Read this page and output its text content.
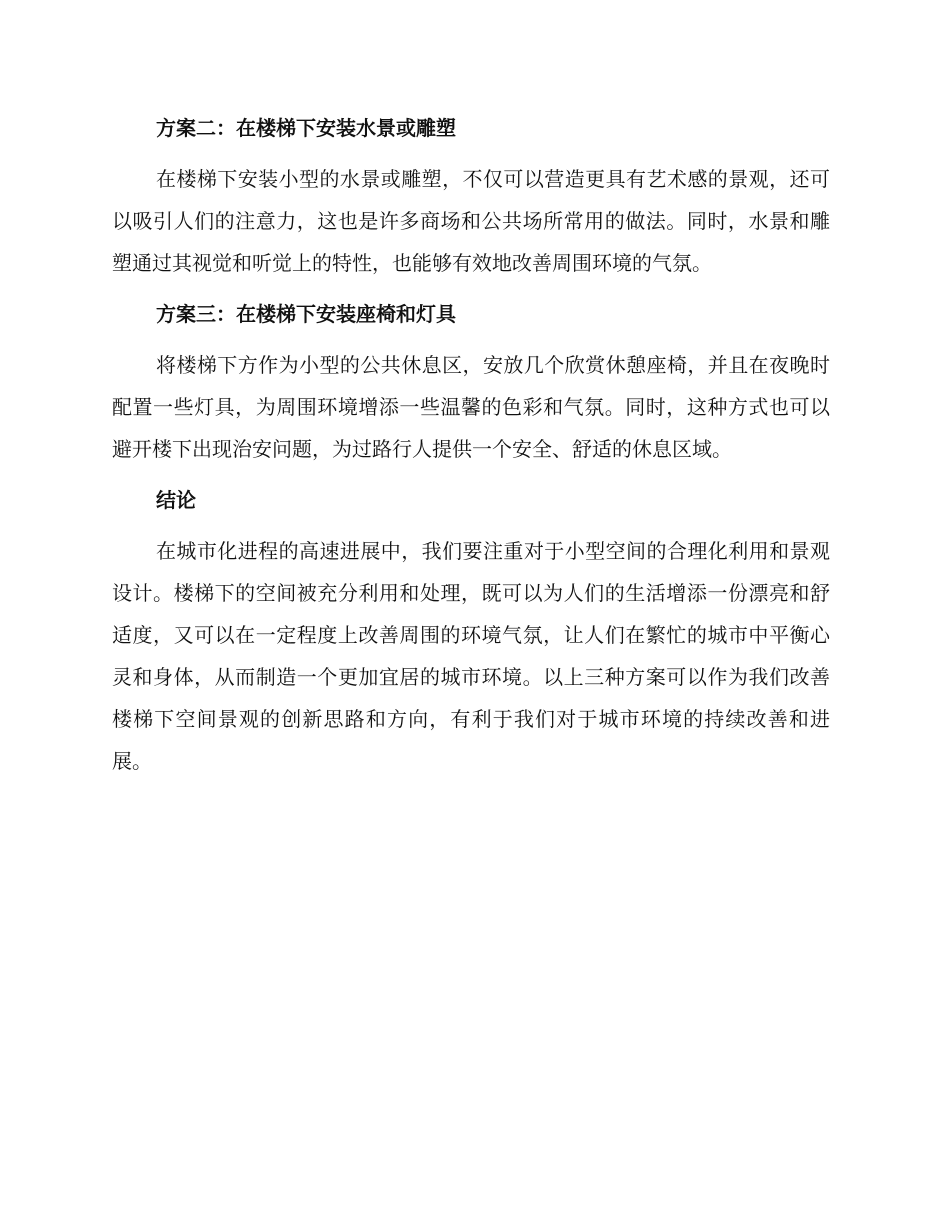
方案二：在楼梯下安装水景或雕塑

在楼梯下安装小型的水景或雕塑，不仅可以营造更具有艺术感的景观，还可以吸引人们的注意力，这也是许多商场和公共场所常用的做法。同时，水景和雕塑通过其视觉和听觉上的特性，也能够有效地改善周围环境的气氛。

方案三：在楼梯下安装座椅和灯具

将楼梯下方作为小型的公共休息区，安放几个欣赏休憩座椅，并且在夜晚时配置一些灯具，为周围环境增添一些温馨的色彩和气氛。同时，这种方式也可以避开楼下出现治安问题，为过路行人提供一个安全、舒适的休息区域。

结论

在城市化进程的高速进展中，我们要注重对于小型空间的合理化利用和景观设计。楼梯下的空间被充分利用和处理，既可以为人们的生活增添一份漂亮和舒适度，又可以在一定程度上改善周围的环境气氛，让人们在繁忙的城市中平衡心灵和身体，从而制造一个更加宜居的城市环境。以上三种方案可以作为我们改善楼梯下空间景观的创新思路和方向，有利于我们对于城市环境的持续改善和进展。
